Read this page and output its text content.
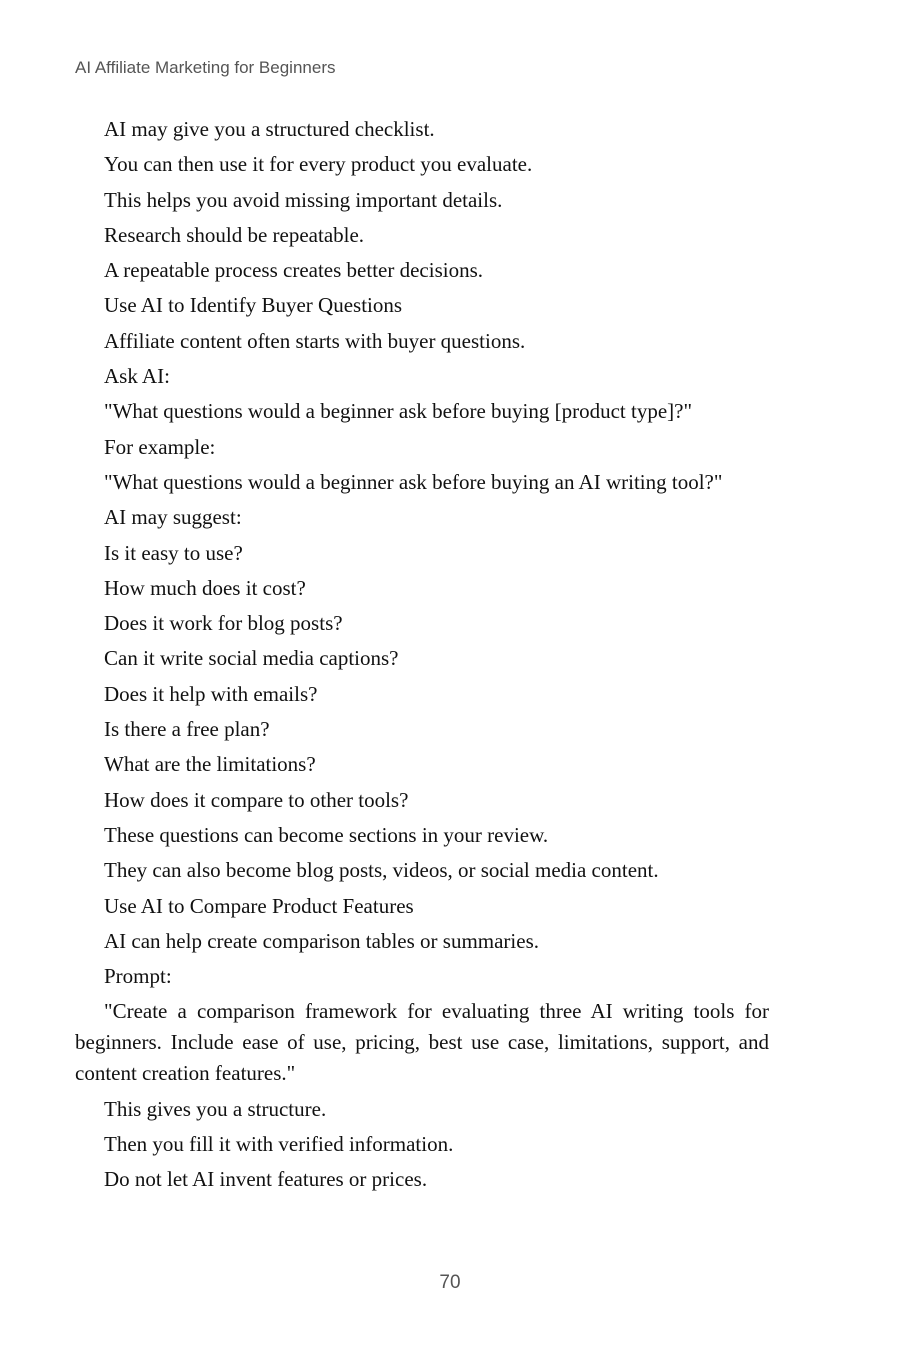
AI Affiliate Marketing for Beginners

AI may give you a structured checklist.

You can then use it for every product you evaluate.

This helps you avoid missing important details.

Research should be repeatable.

A repeatable process creates better decisions.

Use AI to Identify Buyer Questions

Affiliate content often starts with buyer questions.

Ask AI:

"What questions would a beginner ask before buying [product type]?"

For example:

"What questions would a beginner ask before buying an AI writing tool?"

AI may suggest:

Is it easy to use?

How much does it cost?

Does it work for blog posts?

Can it write social media captions?

Does it help with emails?

Is there a free plan?

What are the limitations?

How does it compare to other tools?

These questions can become sections in your review.

They can also become blog posts, videos, or social media content.

Use AI to Compare Product Features

AI can help create comparison tables or summaries.

Prompt:

"Create a comparison framework for evaluating three AI writing tools for beginners. Include ease of use, pricing, best use case, limitations, support, and content creation features."

This gives you a structure.

Then you fill it with verified information.

Do not let AI invent features or prices.

70
